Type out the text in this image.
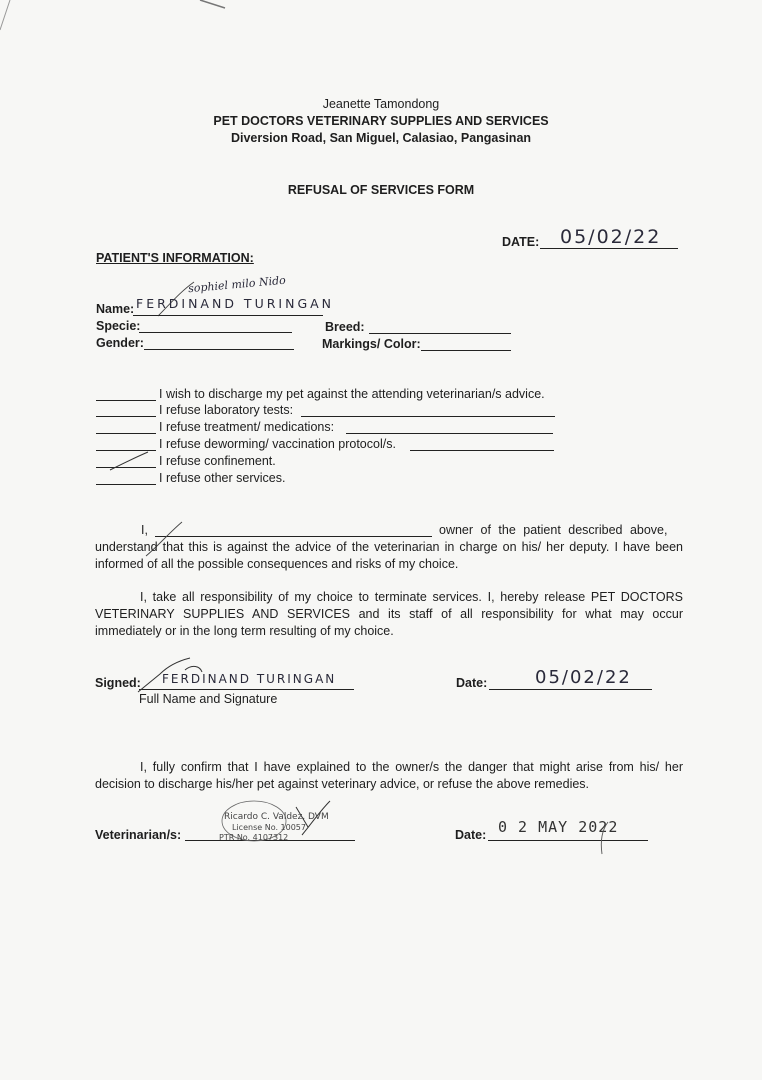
Jeanette Tamondong
PET DOCTORS VETERINARY SUPPLIES AND SERVICES
Diversion Road, San Miguel, Calasiao, Pangasinan
REFUSAL OF SERVICES FORM
DATE: 05/02/22
PATIENT'S INFORMATION:
sophiel milo Nido
Name: FERDINAND TURINGAN
Specie:	Breed:
Gender:	Markings/ Color:
I wish to discharge my pet against the attending veterinarian/s advice.
I refuse laboratory tests:
I refuse treatment/ medications:
I refuse deworming/ vaccination protocol/s.
I refuse confinement.
I refuse other services.
I,	owner of the patient described above,
understand that this is against the advice of the veterinarian in charge on his/ her deputy. I have been informed of all the possible consequences and risks of my choice.
I, take all responsibility of my choice to terminate services. I, hereby release PET DOCTORS VETERINARY SUPPLIES AND SERVICES and its staff of all responsibility for what may occur immediately or in the long term resulting of my choice.
Signed: FERDINAND TURINGAN
Full Name and Signature
Date:	05/02/22
I, fully confirm that I have explained to the owner/s the danger that might arise from his/ her decision to discharge his/her pet against veterinary advice, or refuse the above remedies.
Veterinarian/s:
Ricardo C. Valdez, DVM
License No. 10057
PTR No. 4107312	Date: 0 2 MAY 2022
